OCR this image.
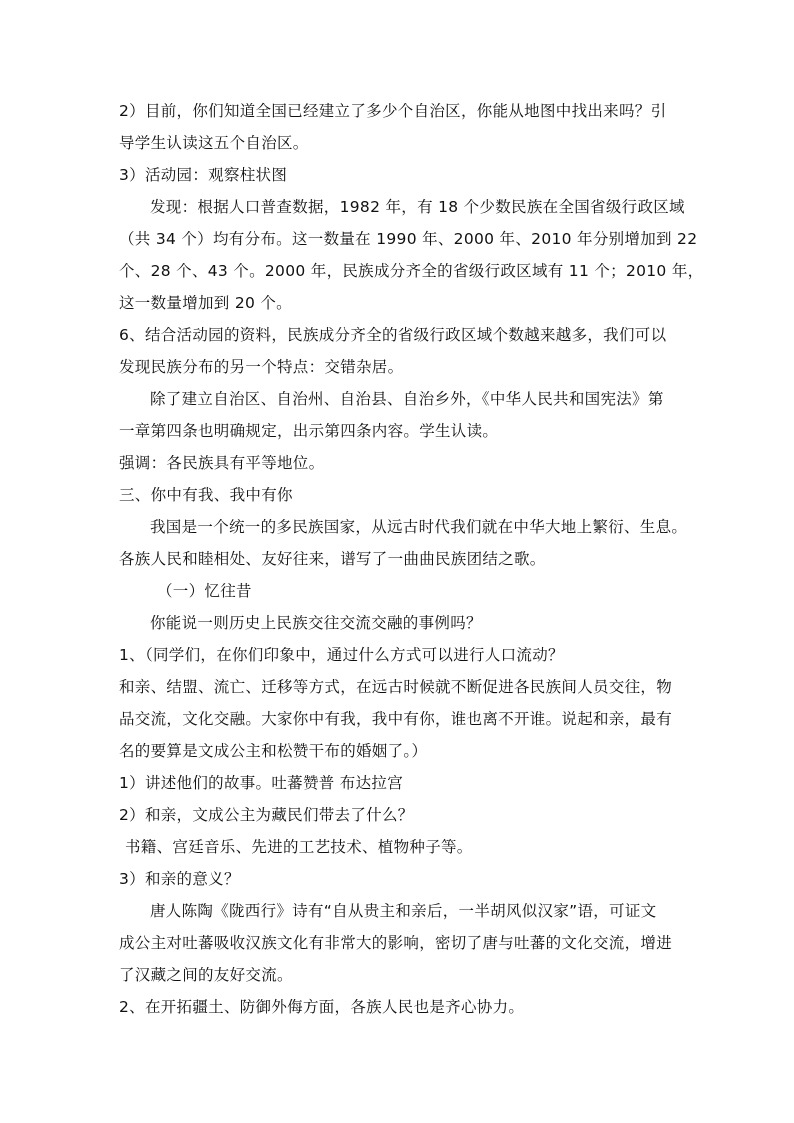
2）目前，你们知道全国已经建立了多少个自治区，你能从地图中找出来吗？引
导学生认读这五个自治区。
3）活动园：观察柱状图
发现：根据人口普查数据，1982 年，有 18 个少数民族在全国省级行政区域
（共 34 个）均有分布。这一数量在 1990 年、2000 年、2010 年分别增加到 22
个、28 个、43 个。2000 年，民族成分齐全的省级行政区域有 11 个；2010 年，
这一数量增加到 20 个。
6、结合活动园的资料，民族成分齐全的省级行政区域个数越来越多，我们可以
发现民族分布的另一个特点：交错杂居。
除了建立自治区、自治州、自治县、自治乡外，《中华人民共和国宪法》第
一章第四条也明确规定，出示第四条内容。学生认读。
强调：各民族具有平等地位。
三、你中有我、我中有你
我国是一个统一的多民族国家，从远古时代我们就在中华大地上繁衍、生息。
各族人民和睦相处、友好往来，谱写了一曲曲民族团结之歌。
（一）忆往昔
你能说一则历史上民族交往交流交融的事例吗？
1、（同学们，在你们印象中，通过什么方式可以进行人口流动？
和亲、结盟、流亡、迁移等方式，在远古时候就不断促进各民族间人员交往，物
品交流，文化交融。大家你中有我，我中有你，谁也离不开谁。说起和亲，最有
名的要算是文成公主和松赞干布的婚姻了。）
1）讲述他们的故事。吐蕃赞普 布达拉宫
2）和亲，文成公主为藏民们带去了什么？
书籍、宫廷音乐、先进的工艺技术、植物种子等。
3）和亲的意义？
唐人陈陶《陇西行》诗有“自从贵主和亲后，一半胡风似汉家”语，可证文
成公主对吐蕃吸收汉族文化有非常大的影响，密切了唐与吐蕃的文化交流，增进
了汉藏之间的友好交流。
2、在开拓疆土、防御外侮方面，各族人民也是齐心协力。
